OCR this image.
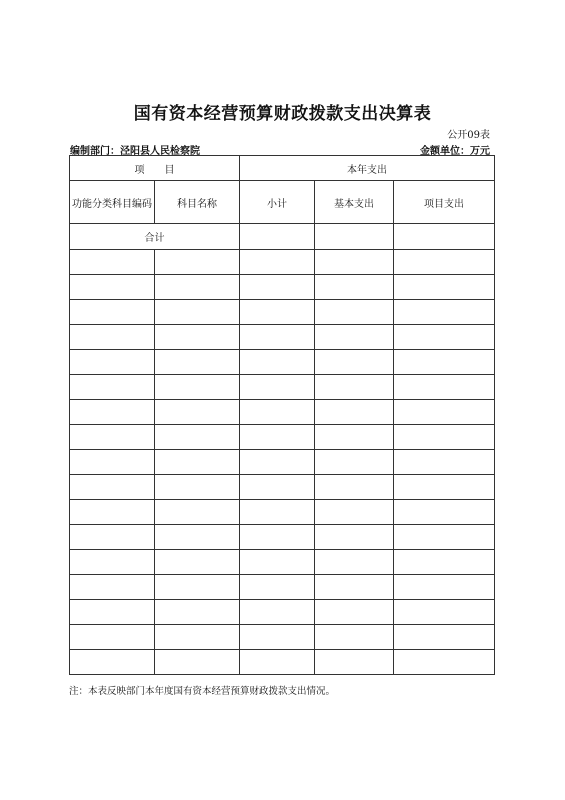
国有资本经营预算财政拨款支出决算表
公开09表
编制部门：泾阳县人民检察院	金额单位：万元
项　　目		本年支出		
功能分类科目编码	科目名称	小计	基本支出	项目支出
合计				

注：本表反映部门本年度国有资本经营预算财政拨款支出情况。
